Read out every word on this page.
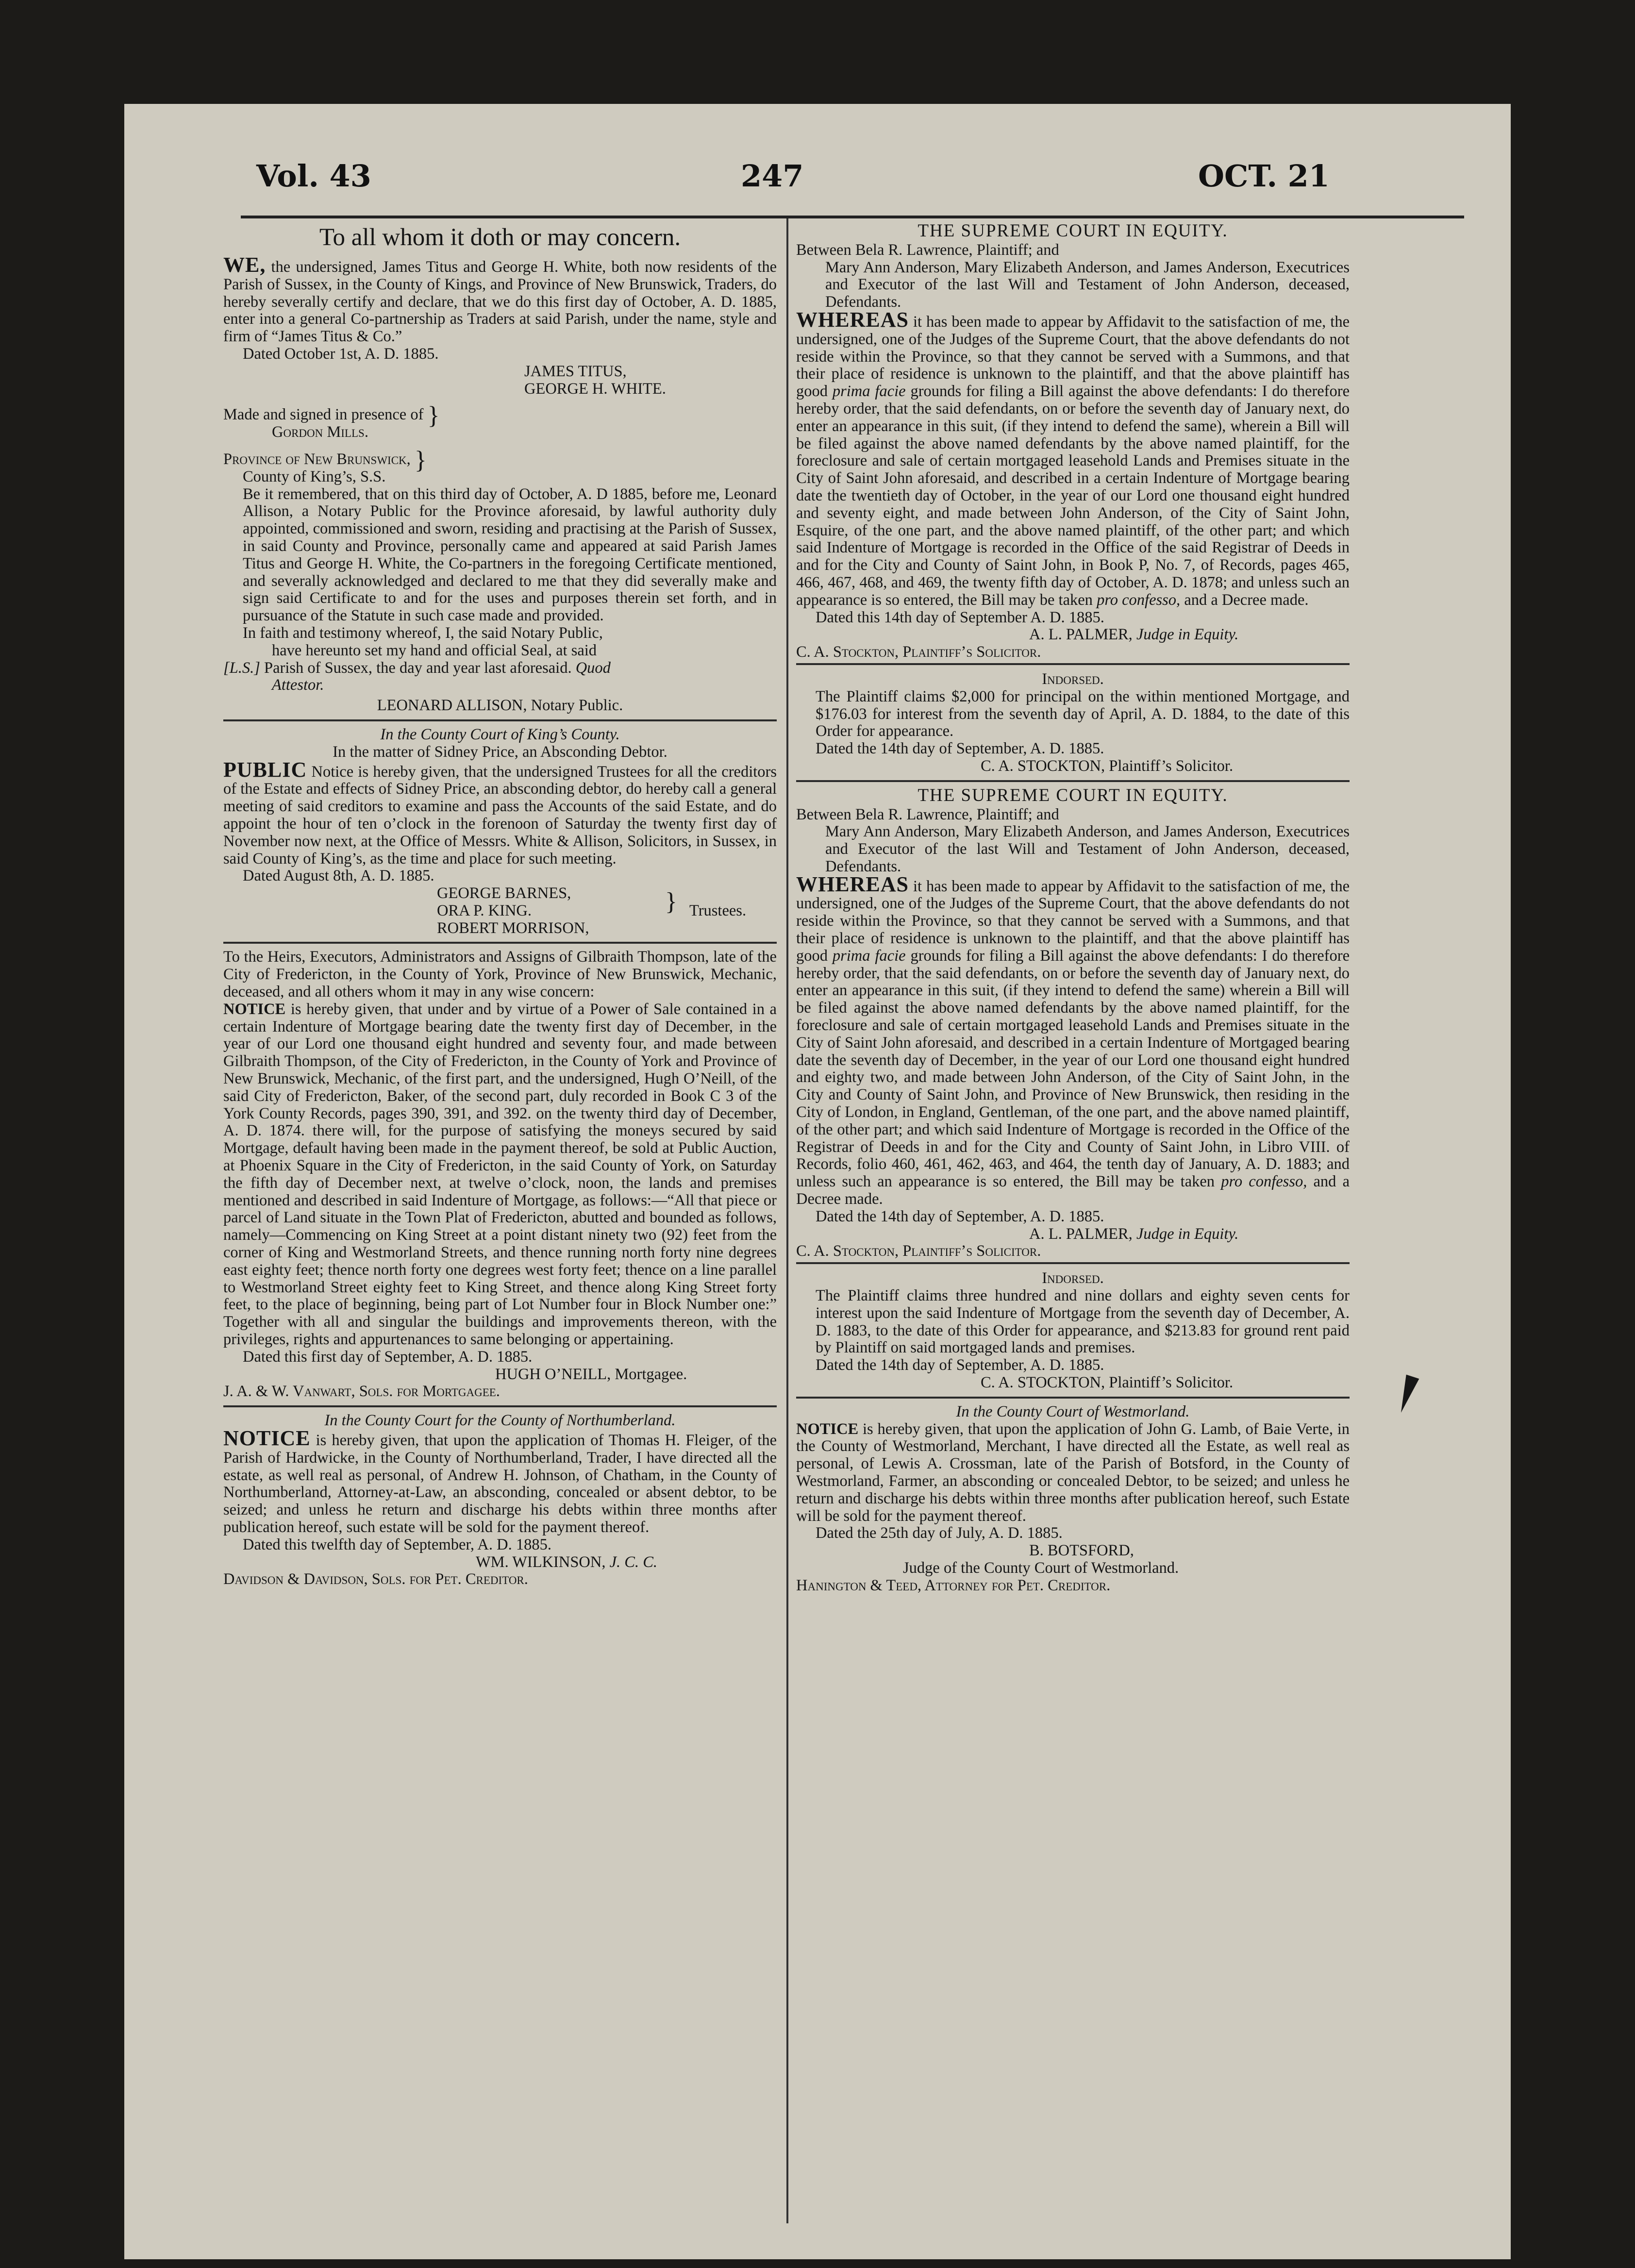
Vol. 43	247	OCT. 21
To all whom it doth or may concern.

WE, the undersigned, James Titus and George H. White, both now residents of the Parish of Sussex, in the County of Kings, and Province of New Brunswick, Traders, do hereby severally certify and declare, that we do this first day of October, A. D. 1885, enter into a general Co-partnership as Traders at said Parish, under the name, style and firm of “James Titus & Co.”

Dated October 1st, A. D. 1885.
JAMES TITUS,
GEORGE H. WHITE.
Made and signed in presence of }
Gordon Mills.
Province of New Brunswick, }
County of King’s, S.S.

Be it remembered, that on this third day of October, A. D 1885, before me, Leonard Allison, a Notary Public for the Province aforesaid, by lawful authority duly appointed, commissioned and sworn, residing and practising at the Parish of Sussex, in said County and Province, personally came and appeared at said Parish James Titus and George H. White, the Co-partners in the foregoing Certificate mentioned, and severally acknowledged and declared to me that they did severally make and sign said Certificate to and for the uses and purposes therein set forth, and in pursuance of the Statute in such case made and provided.

In faith and testimony whereof, I, the said Notary Public,
have hereunto set my hand and official Seal, at said
[L.S.] Parish of Sussex, the day and year last aforesaid. Quod
Attestor.
LEONARD ALLISON, Notary Public.
In the County Court of King’s County.
In the matter of Sidney Price, an Absconding Debtor.

PUBLIC Notice is hereby given, that the undersigned Trustees for all the creditors of the Estate and effects of Sidney Price, an absconding debtor, do hereby call a general meeting of said creditors to examine and pass the Accounts of the said Estate, and do appoint the hour of ten o’clock in the forenoon of Saturday the twenty first day of November now next, at the Office of Messrs. White & Allison, Solicitors, in Sussex, in said County of King’s, as the time and place for such meeting.

Dated August 8th, A. D. 1885.
GEORGE BARNES,
ORA P. KING.
ROBERT MORRISON,
} Trustees.

To the Heirs, Executors, Administrators and Assigns of Gilbraith Thompson, late of the City of Fredericton, in the County of York, Province of New Brunswick, Mechanic, deceased, and all others whom it may in any wise concern:

NOTICE is hereby given, that under and by virtue of a Power of Sale contained in a certain Indenture of Mortgage bearing date the twenty first day of December, in the year of our Lord one thousand eight hundred and seventy four, and made between Gilbraith Thompson, of the City of Fredericton, in the County of York and Province of New Brunswick, Mechanic, of the first part, and the undersigned, Hugh O’Neill, of the said City of Fredericton, Baker, of the second part, duly recorded in Book C 3 of the York County Records, pages 390, 391, and 392. on the twenty third day of December, A. D. 1874. there will, for the purpose of satisfying the moneys secured by said Mortgage, default having been made in the payment thereof, be sold at Public Auction, at Phoenix Square in the City of Fredericton, in the said County of York, on Saturday the fifth day of December next, at twelve o’clock, noon, the lands and premises mentioned and described in said Indenture of Mortgage, as follows:—“All that piece or parcel of Land situate in the Town Plat of Fredericton, abutted and bounded as follows, namely—Commencing on King Street at a point distant ninety two (92) feet from the corner of King and Westmorland Streets, and thence running north forty nine degrees east eighty feet; thence north forty one degrees west forty feet; thence on a line parallel to Westmorland Street eighty feet to King Street, and thence along King Street forty feet, to the place of beginning, being part of Lot Number four in Block Number one:” Together with all and singular the buildings and improvements thereon, with the privileges, rights and appurtenances to same belonging or appertaining.

Dated this first day of September, A. D. 1885.
HUGH O’NEILL, Mortgagee.
J. A. & W. Vanwart, Sols. for Mortgagee.
In the County Court for the County of Northumberland.

NOTICE is hereby given, that upon the application of Thomas H. Fleiger, of the Parish of Hardwicke, in the County of Northumberland, Trader, I have directed all the estate, as well real as personal, of Andrew H. Johnson, of Chatham, in the County of Northumberland, Attorney-at-Law, an absconding, concealed or absent debtor, to be seized; and unless he return and discharge his debts within three months after publication hereof, such estate will be sold for the payment thereof.

Dated this twelfth day of September, A. D. 1885.
WM. WILKINSON, J. C. C.
Davidson & Davidson, Sols. for Pet. Creditor.
THE SUPREME COURT IN EQUITY.
Between Bela R. Lawrence, Plaintiff; and

Mary Ann Anderson, Mary Elizabeth Anderson, and James Anderson, Executrices and Executor of the last Will and Testament of John Anderson, deceased, Defendants.

WHEREAS it has been made to appear by Affidavit to the satisfaction of me, the undersigned, one of the Judges of the Supreme Court, that the above defendants do not reside within the Province, so that they cannot be served with a Summons, and that their place of residence is unknown to the plaintiff, and that the above plaintiff has good prima facie grounds for filing a Bill against the above defendants: I do therefore hereby order, that the said defendants, on or before the seventh day of January next, do enter an appearance in this suit, (if they intend to defend the same), wherein a Bill will be filed against the above named defendants by the above named plaintiff, for the foreclosure and sale of certain mortgaged leasehold Lands and Premises situate in the City of Saint John aforesaid, and described in a certain Indenture of Mortgage bearing date the twentieth day of October, in the year of our Lord one thousand eight hundred and seventy eight, and made between John Anderson, of the City of Saint John, Esquire, of the one part, and the above named plaintiff, of the other part; and which said Indenture of Mortgage is recorded in the Office of the said Registrar of Deeds in and for the City and County of Saint John, in Book P, No. 7, of Records, pages 465, 466, 467, 468, and 469, the twenty fifth day of October, A. D. 1878; and unless such an appearance is so entered, the Bill may be taken pro confesso, and a Decree made.

Dated this 14th day of September A. D. 1885.
A. L. PALMER, Judge in Equity.
C. A. Stockton, Plaintiff’s Solicitor.
Indorsed.

The Plaintiff claims $2,000 for principal on the within mentioned Mortgage, and $176.03 for interest from the seventh day of April, A. D. 1884, to the date of this Order for appearance.

Dated the 14th day of September, A. D. 1885.
C. A. STOCKTON, Plaintiff’s Solicitor.
THE SUPREME COURT IN EQUITY.
Between Bela R. Lawrence, Plaintiff; and

Mary Ann Anderson, Mary Elizabeth Anderson, and James Anderson, Executrices and Executor of the last Will and Testament of John Anderson, deceased, Defendants.

WHEREAS it has been made to appear by Affidavit to the satisfaction of me, the undersigned, one of the Judges of the Supreme Court, that the above defendants do not reside within the Province, so that they cannot be served with a Summons, and that their place of residence is unknown to the plaintiff, and that the above plaintiff has good prima facie grounds for filing a Bill against the above defendants: I do therefore hereby order, that the said defendants, on or before the seventh day of January next, do enter an appearance in this suit, (if they intend to defend the same) wherein a Bill will be filed against the above named defendants by the above named plaintiff, for the foreclosure and sale of certain mortgaged leasehold Lands and Premises situate in the City of Saint John aforesaid, and described in a certain Indenture of Mortgaged bearing date the seventh day of December, in the year of our Lord one thousand eight hundred and eighty two, and made between John Anderson, of the City of Saint John, in the City and County of Saint John, and Province of New Brunswick, then residing in the City of London, in England, Gentleman, of the one part, and the above named plaintiff, of the other part; and which said Indenture of Mortgage is recorded in the Office of the Registrar of Deeds in and for the City and County of Saint John, in Libro VIII. of Records, folio 460, 461, 462, 463, and 464, the tenth day of January, A. D. 1883; and unless such an appearance is so entered, the Bill may be taken pro confesso, and a Decree made.

Dated the 14th day of September, A. D. 1885.
A. L. PALMER, Judge in Equity.
C. A. Stockton, Plaintiff’s Solicitor.
Indorsed.

The Plaintiff claims three hundred and nine dollars and eighty seven cents for interest upon the said Indenture of Mortgage from the seventh day of December, A. D. 1883, to the date of this Order for appearance, and $213.83 for ground rent paid by Plaintiff on said mortgaged lands and premises.

Dated the 14th day of September, A. D. 1885.
C. A. STOCKTON, Plaintiff’s Solicitor.
In the County Court of Westmorland.

NOTICE is hereby given, that upon the application of John G. Lamb, of Baie Verte, in the County of Westmorland, Merchant, I have directed all the Estate, as well real as personal, of Lewis A. Crossman, late of the Parish of Botsford, in the County of Westmorland, Farmer, an absconding or concealed Debtor, to be seized; and unless he return and discharge his debts within three months after publication hereof, such Estate will be sold for the payment thereof.

Dated the 25th day of July, A. D. 1885.
B. BOTSFORD,
Judge of the County Court of Westmorland.
Hanington & Teed, Attorney for Pet. Creditor.
